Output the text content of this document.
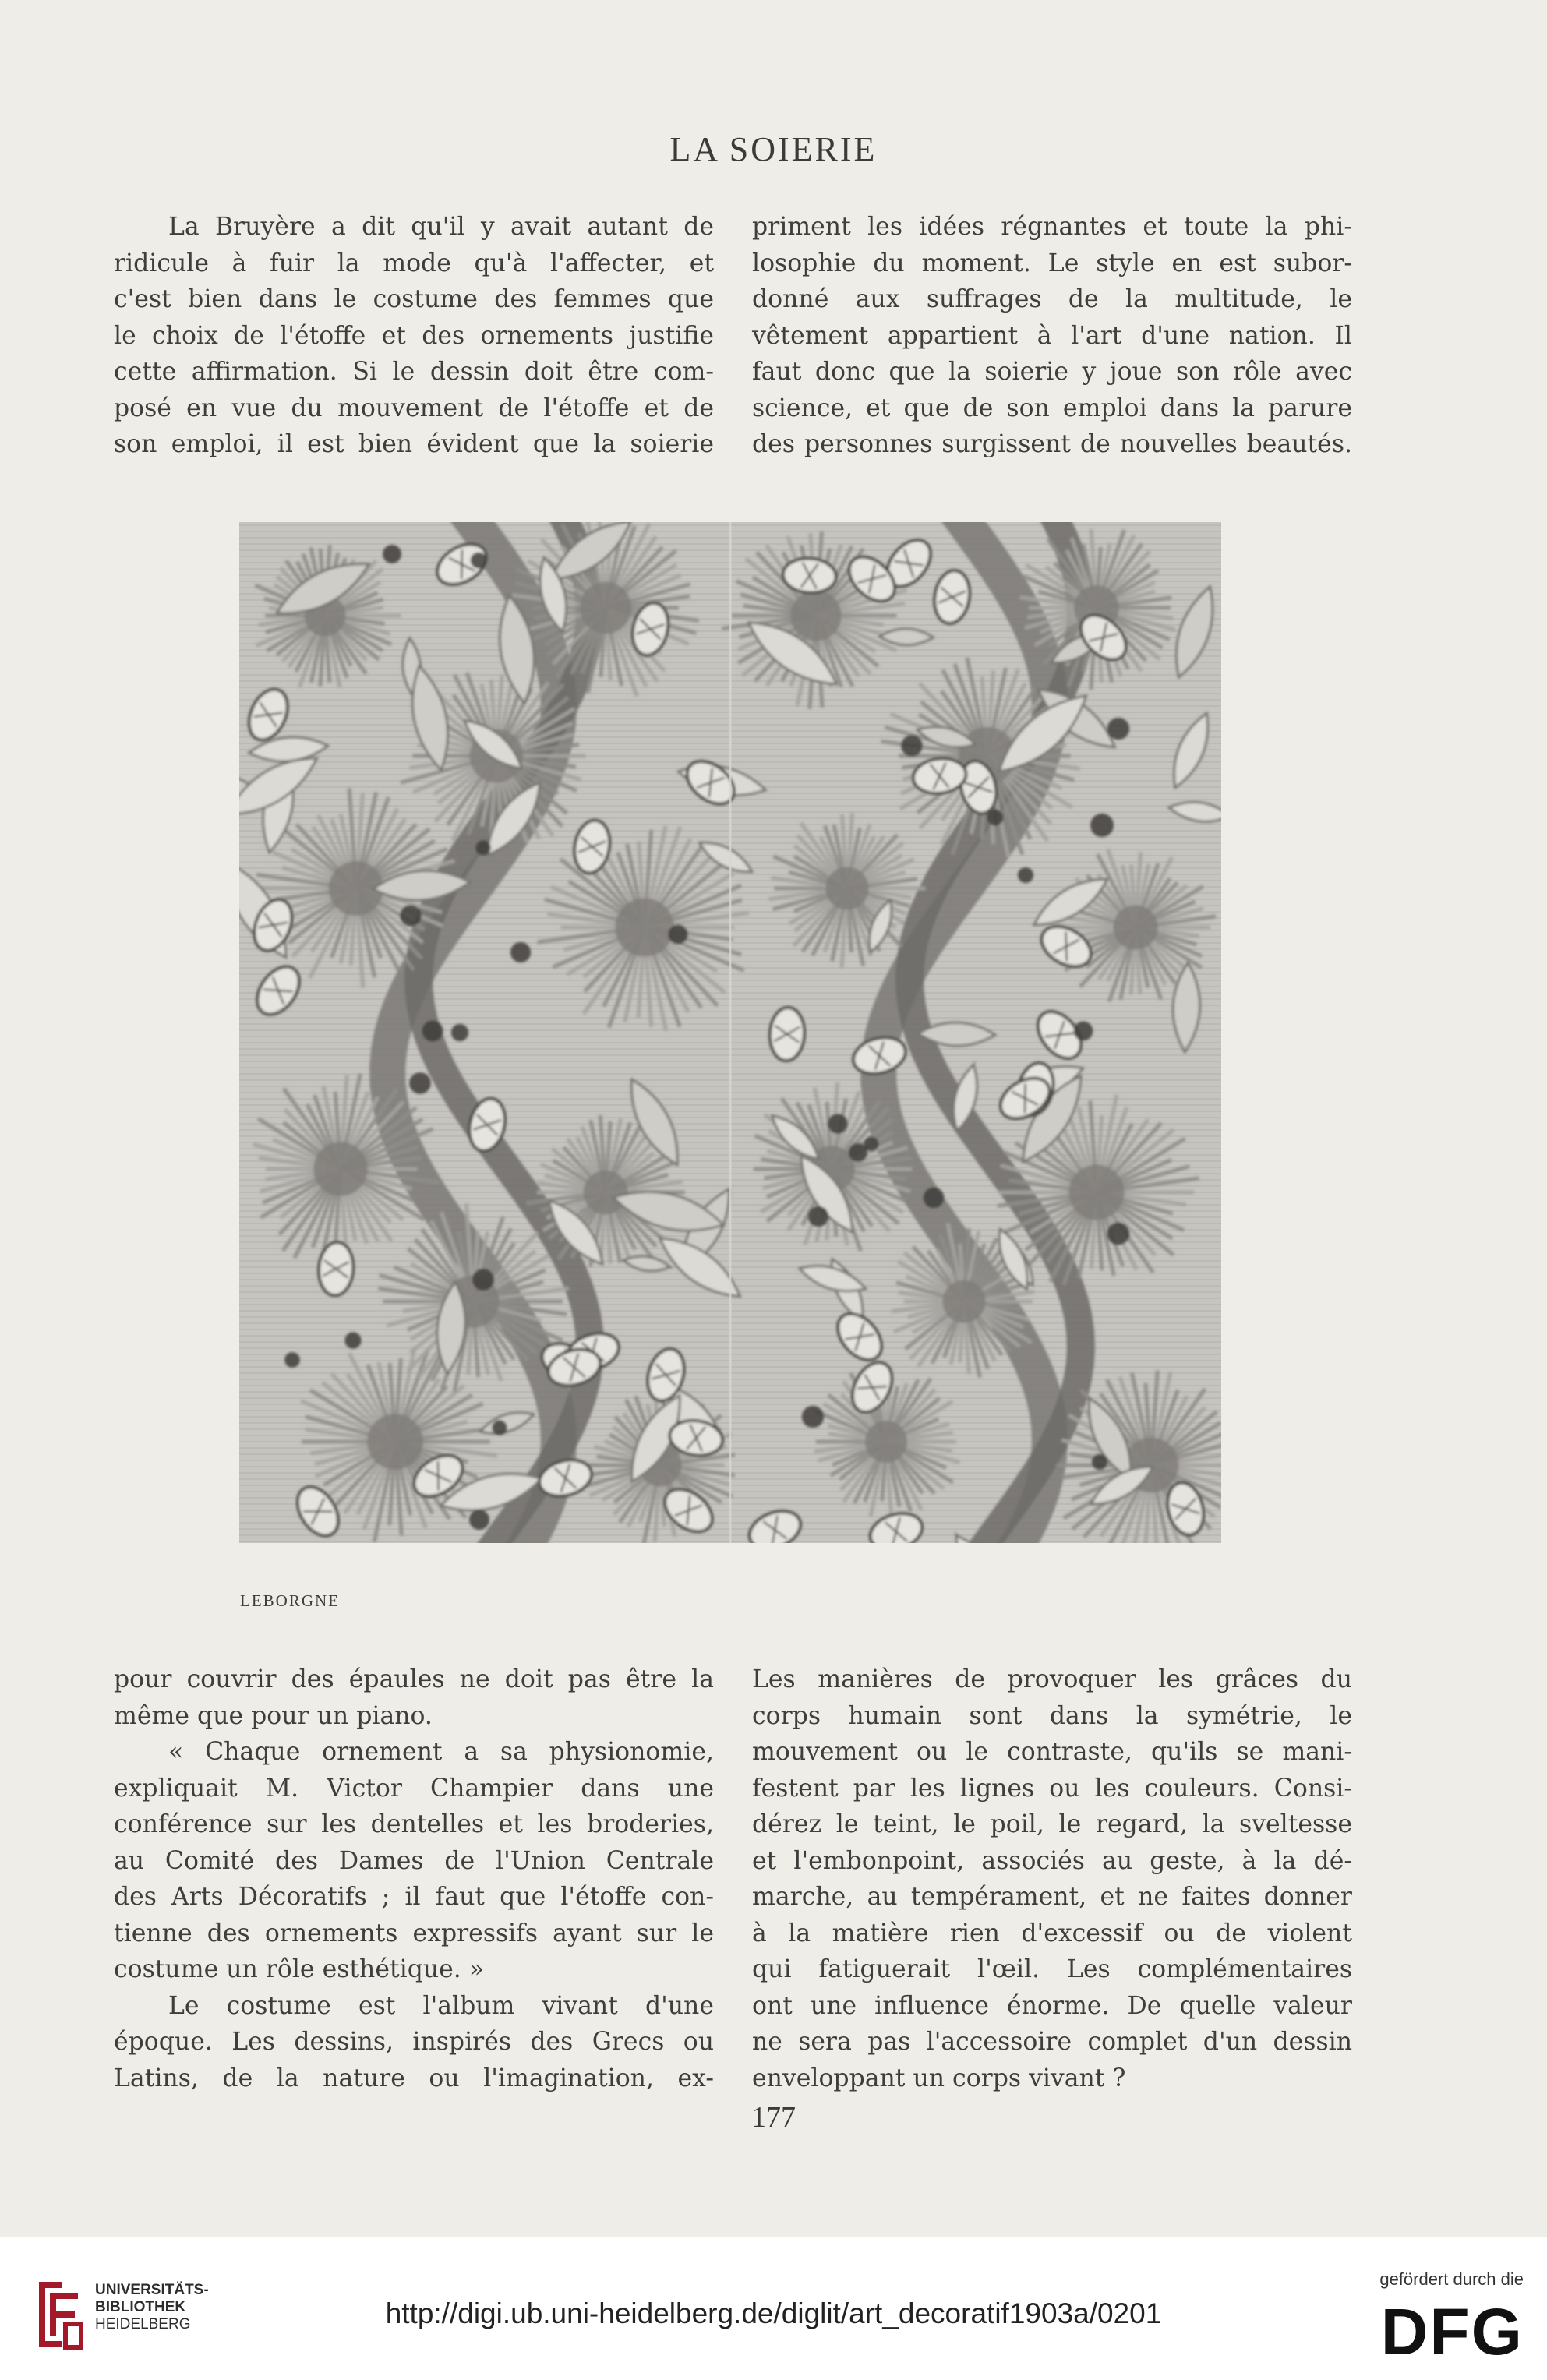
LA SOIERIE
La Bruyère a dit qu'il y avait autant de
ridicule à fuir la mode qu'à l'affecter, et
c'est bien dans le costume des femmes que
le choix de l'étoffe et des ornements justifie
cette affirmation. Si le dessin doit être com-
posé en vue du mouvement de l'étoffe et de
son emploi, il est bien évident que la soierie
priment les idées régnantes et toute la phi-
losophie du moment. Le style en est subor-
donné aux suffrages de la multitude, le
vêtement appartient à l'art d'une nation. Il
faut donc que la soierie y joue son rôle avec
science, et que de son emploi dans la parure
des personnes surgissent de nouvelles beautés.
LEBORGNE
pour couvrir des épaules ne doit pas être la
même que pour un piano.
« Chaque ornement a sa physionomie,
expliquait M. Victor Champier dans une
conférence sur les dentelles et les broderies,
au Comité des Dames de l'Union Centrale
des Arts Décoratifs ; il faut que l'étoffe con-
tienne des ornements expressifs ayant sur le
costume un rôle esthétique. »
Le costume est l'album vivant d'une
époque. Les dessins, inspirés des Grecs ou
Latins, de la nature ou l'imagination, ex-
Les manières de provoquer les grâces du
corps humain sont dans la symétrie, le
mouvement ou le contraste, qu'ils se mani-
festent par les lignes ou les couleurs. Consi-
dérez le teint, le poil, le regard, la sveltesse
et l'embonpoint, associés au geste, à la dé-
marche, au tempérament, et ne faites donner
à la matière rien d'excessif ou de violent
qui fatiguerait l'œil. Les complémentaires
ont une influence énorme. De quelle valeur
ne sera pas l'accessoire complet d'un dessin
enveloppant un corps vivant ?
177
UNIVERSITÄTS-
BIBLIOTHEK
HEIDELBERG	http://digi.ub.uni-heidelberg.de/diglit/art_decoratif1903a/0201
gefördert durch die
DFG
